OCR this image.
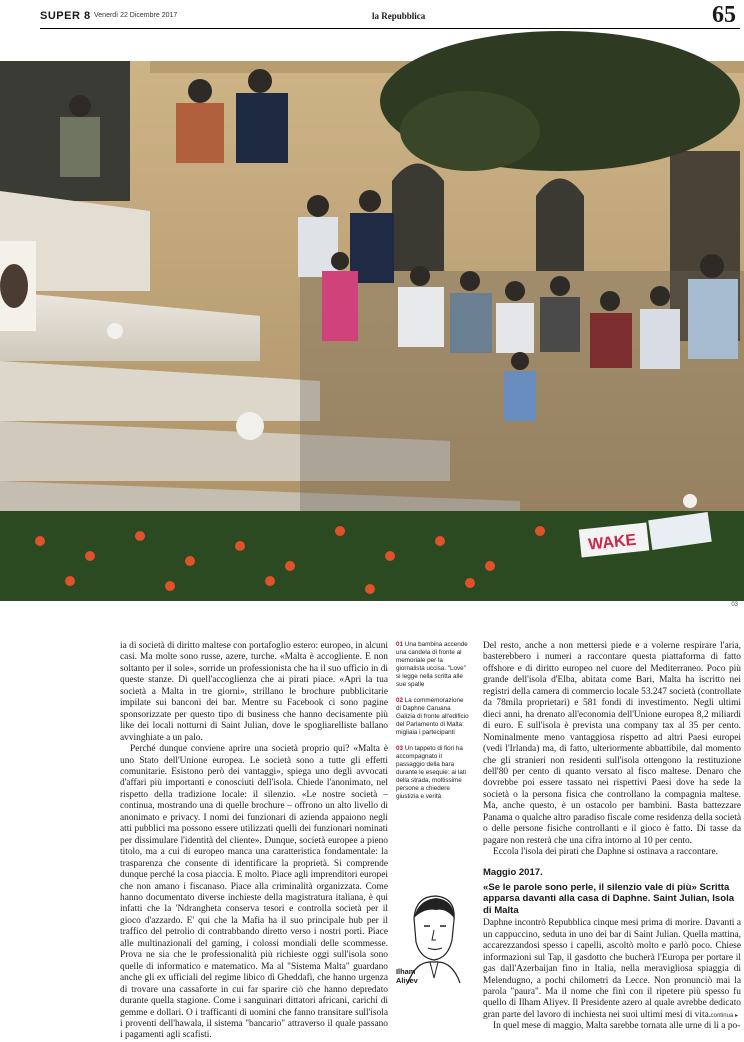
SUPER 8 Venerdì 22 Dicembre 2017	la Repubblica	65
WAKE
03

ia di società di diritto maltese con portafoglio estero: europeo, in alcuni casi. Ma molte sono russe, azere, turche. «Malta è accogliente. E non soltanto per il sole», sorride un professionista che ha il suo ufficio in di queste stanze. Di quell'accoglienza che ai pirati piace. «Apri la tua società a Malta in tre giorni», strillano le brochure pubblicitarie impilate sui banconi dei bar. Mentre su Facebook ci sono pagine sponsorizzate per questo tipo di business che hanno decisamente più like dei locali notturni di Saint Julian, dove le spogliarelliste ballano avvinghiate a un palo.

Perché dunque conviene aprire una società proprio qui? «Malta è uno Stato dell'Unione europea. Le società sono a tutte gli effetti comunitarie. Esistono però dei vantaggi», spiega uno degli avvocati d'affari più importanti e conosciuti dell'isola. Chiede l'anonimato, nel rispetto della tradizione locale: il silenzio. «Le nostre società – continua, mostrando una di quelle brochure – offrono un alto livello di anonimato e privacy. I nomi dei funzionari di azienda appaiono negli atti pubblici ma possono essere utilizzati quelli dei funzionari nominati per dissimulare l'identità del cliente». Dunque, società europee a pieno titolo, ma a cui di europeo manca una caratteristica fondamentale: la trasparenza che consente di identificare la proprietà. Si comprende dunque perché la cosa piaccia. E molto. Piace agli imprenditori europei che non amano i fiscanaso. Piace alla criminalità organizzata. Come hanno documentato diverse inchieste della magistratura italiana, è qui infatti che la 'Ndrangheta conserva tesori e controlla società per il gioco d'azzardo. E' qui che la Mafia ha il suo principale hub per il traffico del petrolio di contrabbando diretto verso i nostri porti. Piace alle multinazionali del gaming, i colossi mondiali delle scommesse. Prova ne sia che le professionalità più richieste oggi sull'isola sono quelle di informatico e matematico. Ma al "Sistema Malta" guardano anche gli ex ufficiali del regime libico di Gheddafi, che hanno urgenza di trovare una cassaforte in cui far sparire ciò che hanno depredato durante quella stagione. Come i sanguinari dittatori africani, carichi di gemme e dollari. O i trafficanti di uomini che fanno transitare sull'isola i proventi dell'hawala, il sistema "bancario" attraverso il quale passano i pagamenti agli scafisti.

01 Una bambina accende una candela di fronte al memoriale per la giornalista uccisa. "Love" si legge nella scritta alle sue spalle
02 La commemorazione di Daphne Caruana Galizia di fronte all'edificio del Parlamento di Malta: migliaia i partecipanti
03 Un tappeto di fiori ha accompagnato il passaggio della bara durante le esequie: ai lati della strada, moltissime persone a chiedere giustizia e verità
Ilham
Aliyev

Del resto, anche a non mettersi piede e a volerne respirare l'aria, basterebbero i numeri a raccontare questa piattaforma di fatto offshore e di diritto europeo nel cuore del Mediterraneo. Poco più grande dell'isola d'Elba, abitata come Bari, Malta ha iscritto nei registri della camera di commercio locale 53.247 società (controllate da 78mila proprietari) e 581 fondi di investimento. Negli ultimi dieci anni, ha drenato all'economia dell'Unione europea 8,2 miliardi di euro. E sull'isola è prevista una company tax al 35 per cento. Nominalmente meno vantaggiosa rispetto ad altri Paesi europei (vedi l'Irlanda) ma, di fatto, ulteriormente abbattibile, dal momento che gli stranieri non residenti sull'isola ottengono la restituzione dell'80 per cento di quanto versato al fisco maltese. Denaro che dovrebbe poi essere tassato nei rispettivi Paesi dove ha sede la società o la persona fisica che controllano la compagnia maltese. Ma, anche questo, è un ostacolo per bambini. Basta battezzare Panama o qualche altro paradiso fiscale come residenza della società o delle persone fisiche controllanti e il gioco è fatto. Di tasse da pagare non resterà che una cifra intorno al 10 per cento.

Eccola l'isola dei pirati che Daphne si ostinava a raccontare.

Maggio 2017.
«Se le parole sono perle, il silenzio vale di più» Scritta apparsa davanti alla casa di Daphne. Saint Julian, Isola di Malta

Daphne incontrò Repubblica cinque mesi prima di morire. Davanti a un cappuccino, seduta in uno dei bar di Saint Julian. Quella mattina, accarezzandosi spesso i capelli, ascoltò molto e parlò poco. Chiese informazioni sul Tap, il gasdotto che bucherà l'Europa per portare il gas dall'Azerbaijan fino in Italia, nella meravigliosa spiaggia di Melendugno, a pochi chilometri da Lecce. Non pronunciò mai la parola "paura". Ma il nome che finì con il ripetere più spesso fu quello di Ilham Aliyev. Il Presidente azero al quale avrebbe dedicato gran parte del lavoro di inchiesta nei suoi ultimi mesi di vita.

In quel mese di maggio, Malta sarebbe tornata alle urne di lì a po-

continua ▸
